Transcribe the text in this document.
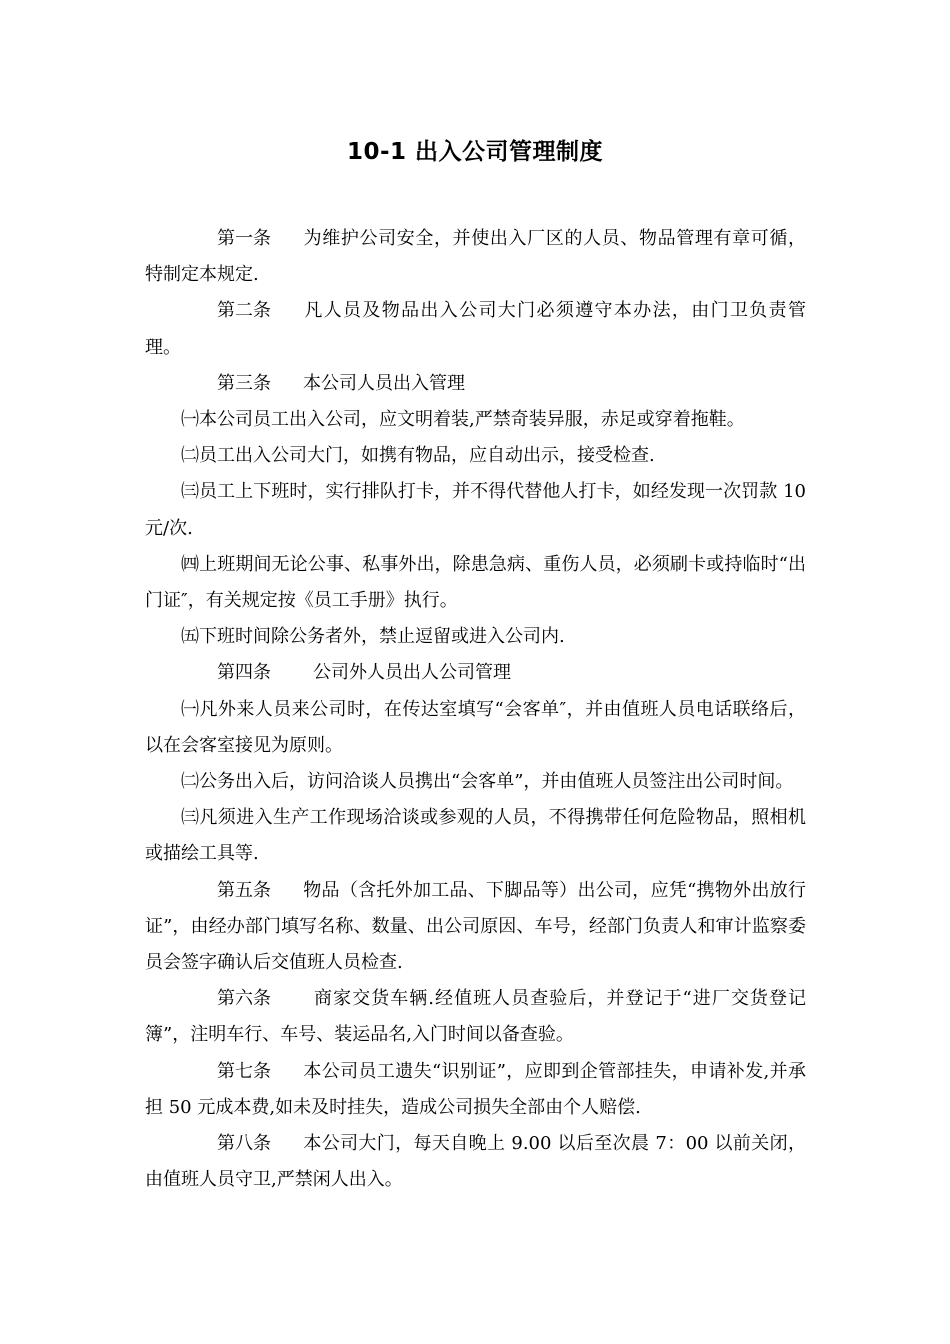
10-1 出入公司管理制度

第一条 为维护公司安全，并使出入厂区的人员、物品管理有章可循，特制定本规定.

第二条 凡人员及物品出入公司大门必须遵守本办法，由门卫负责管理。

第三条 本公司人员出入管理

㈠本公司员工出入公司，应文明着装,严禁奇装异服，赤足或穿着拖鞋。

㈡员工出入公司大门，如携有物品，应自动出示，接受检查.

㈢员工上下班时，实行排队打卡，并不得代替他人打卡，如经发现一次罚款 10 元/次.

㈣上班期间无论公事、私事外出，除患急病、重伤人员，必须刷卡或持临时“出门证″，有关规定按《员工手册》执行。

㈤下班时间除公务者外，禁止逗留或进入公司内.

第四条 公司外人员出人公司管理

㈠凡外来人员来公司时，在传达室填写“会客单″，并由值班人员电话联络后，以在会客室接见为原则。

㈡公务出入后，访问洽谈人员携出“会客单”，并由值班人员签注出公司时间。

㈢凡须进入生产工作现场洽谈或参观的人员，不得携带任何危险物品，照相机或描绘工具等.

第五条 物品（含托外加工品、下脚品等）出公司，应凭“携物外出放行证”，由经办部门填写名称、数量、出公司原因、车号，经部门负责人和审计监察委员会签字确认后交值班人员检查.

第六条 商家交货车辆.经值班人员查验后，并登记于“进厂交货登记簿”，注明车行、车号、装运品名,入门时间以备查验。

第七条 本公司员工遗失“识别证”，应即到企管部挂失，申请补发,并承担 50 元成本费,如未及时挂失，造成公司损失全部由个人赔偿.

第八条 本公司大门，每天自晚上 9.00 以后至次晨 7：00 以前关闭，由值班人员守卫,严禁闲人出入。
